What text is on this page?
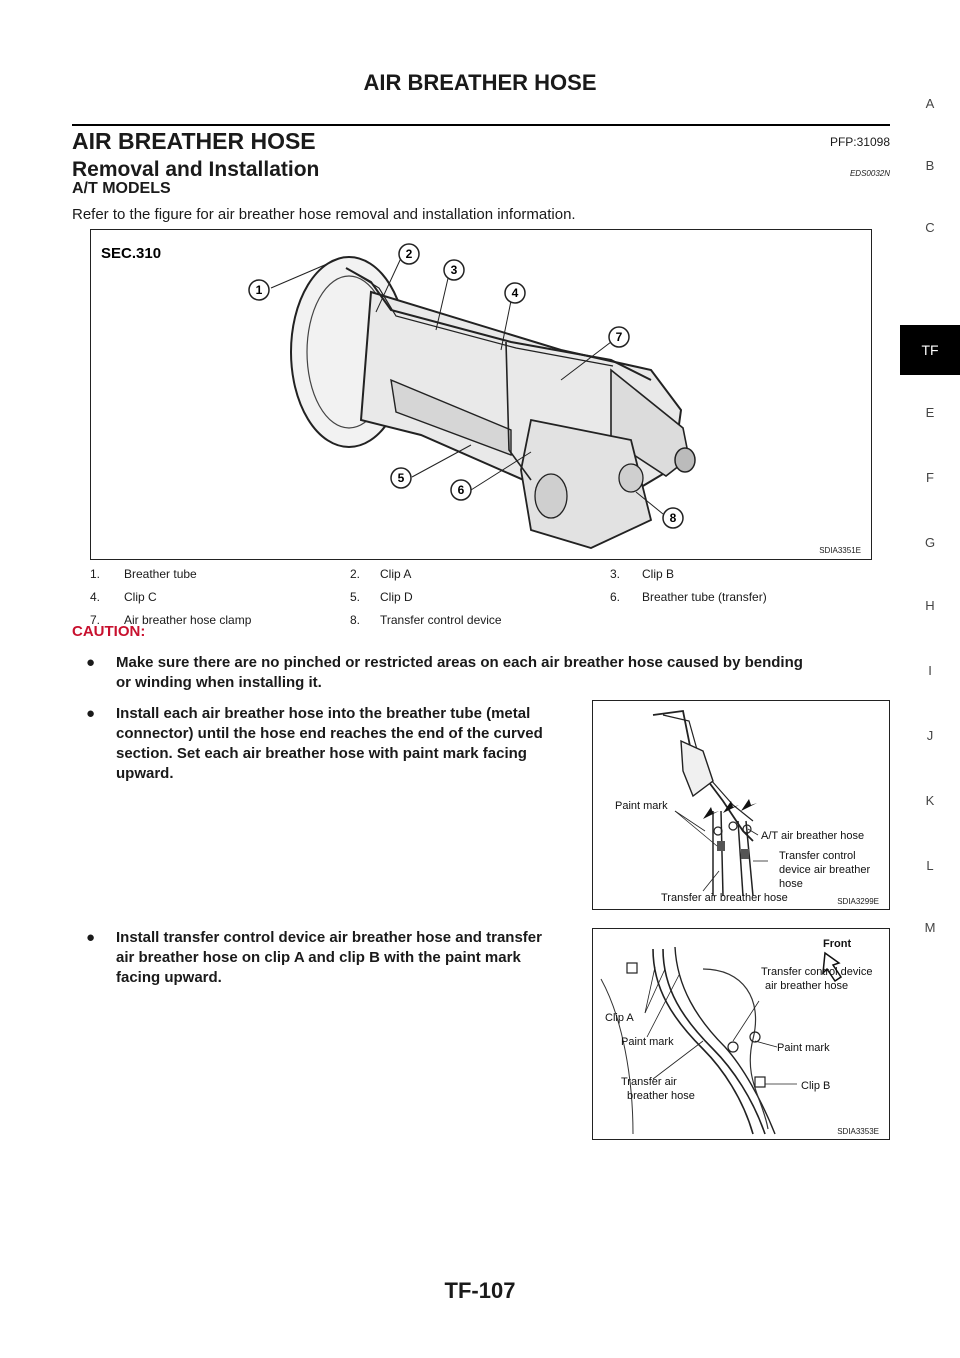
AIR BREATHER HOSE
AIR BREATHER HOSE	PFP:31098
Removal and Installation	EDS0032N
A/T MODELS
Refer to the figure for air breather hose removal and installation information.
SEC.310
1
2
3
4
5
6
7
8
SDIA3351E
1.	Breather tube	2.	Clip A	3.	Clip B
4.	Clip C	5.	Clip D	6.	Breather tube (transfer)
7.	Air breather hose clamp	8.	Transfer control device		
CAUTION:
● Make sure there are no pinched or restricted areas on each air breather hose caused by bending
or winding when installing it.
● Install each air breather hose into the breather tube (metal
connector) until the hose end reaches the end of the curved
section. Set each air breather hose with paint mark facing
upward.
Paint mark
A/T air breather hose
Transfer control
device air breather
hose
Transfer air breather hose	SDIA3299E
● Install transfer control device air breather hose and transfer
air breather hose on clip A and clip B with the paint mark
facing upward.
Front
Transfer control device
air breather hose
Clip A
Paint mark	Paint mark
Transfer air
breather hose
Clip B
SDIA3353E
A
B
C
TF
E
F
G
H
I
J
K
L
M
TF-107
